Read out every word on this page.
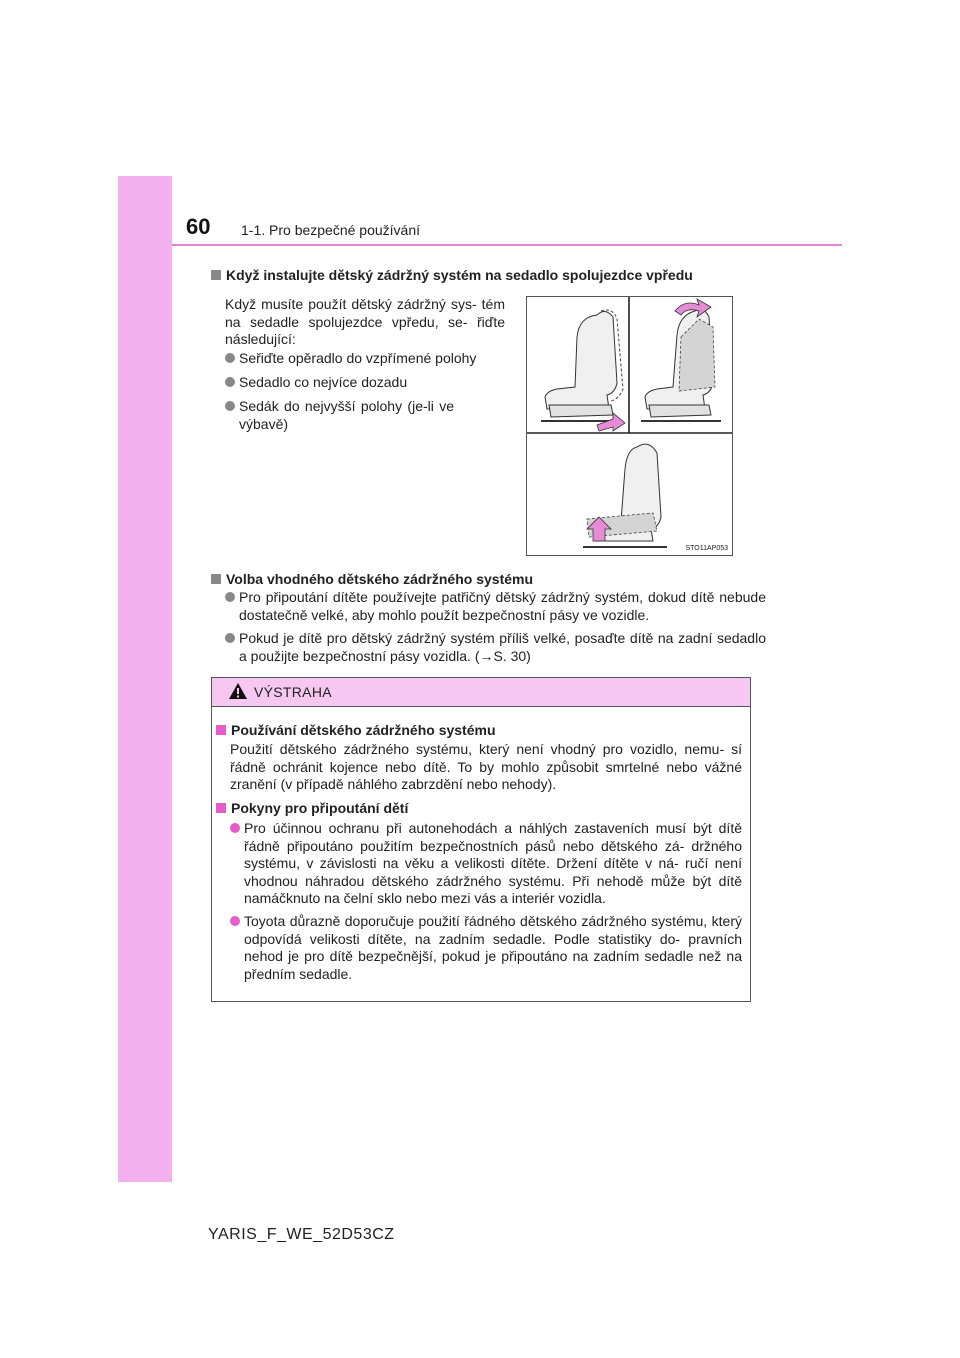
60 1-1. Pro bezpečné používání
Když instalujte dětský zádržný systém na sedadlo spolujezdce vpředu
Když musíte použít dětský zádržný sys- tém na sedadle spolujezdce vpředu, se- řiďte následující:
Seřiďte opěradlo do vzpřímené polohy
Sedadlo co nejvíce dozadu
Sedák do nejvyšší polohy (je-li ve výbavě)
STO11AP053
Volba vhodného dětského zádržného systému
Pro připoutání dítěte používejte patřičný dětský zádržný systém, dokud dítě nebude dostatečně velké, aby mohlo použít bezpečnostní pásy ve vozidle.
Pokud je dítě pro dětský zádržný systém příliš velké, posaďte dítě na zadní sedadlo a použijte bezpečnostní pásy vozidla. (→S. 30)
VÝSTRAHA
Používání dětského zádržného systému
Použití dětského zádržného systému, který není vhodný pro vozidlo, nemu- sí řádně ochránit kojence nebo dítě. To by mohlo způsobit smrtelné nebo vážné zranění (v případě náhlého zabrzdění nebo nehody).
Pokyny pro připoutání dětí
Pro účinnou ochranu při autonehodách a náhlých zastaveních musí být dítě řádně připoutáno použitím bezpečnostních pásů nebo dětského zá- držného systému, v závislosti na věku a velikosti dítěte. Držení dítěte v ná- ručí není vhodnou náhradou dětského zádržného systému. Při nehodě může být dítě namáčknuto na čelní sklo nebo mezi vás a interiér vozidla.
Toyota důrazně doporučuje použití řádného dětského zádržného systému, který odpovídá velikosti dítěte, na zadním sedadle. Podle statistiky do- pravních nehod je pro dítě bezpečnější, pokud je připoutáno na zadním sedadle než na předním sedadle.
YARIS_F_WE_52D53CZ
